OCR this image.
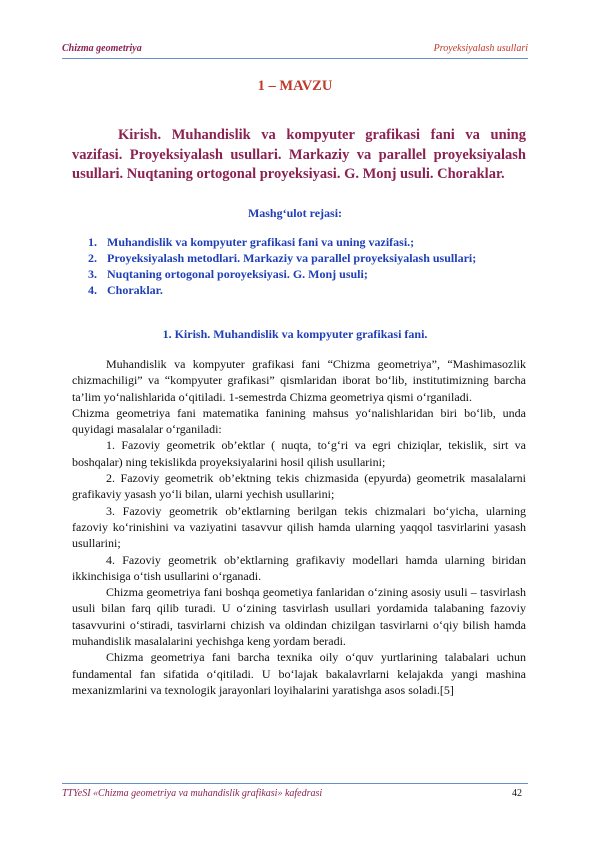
Chizma geometriya	Proyeksiyalash usullari
1 – MAVZU
Kirish. Muhandislik va kompyuter grafikasi fani va uning vazifasi. Proyeksiyalash usullari. Markaziy va parallel proyeksiyalash usullari. Nuqtaning ortogonal proyeksiyasi. G. Monj usuli. Choraklar.
Mashg‘ulot rejasi:
1. Muhandislik va kompyuter grafikasi fani va uning vazifasi.;
2. Proyeksiyalash metodlari. Markaziy va parallel proyeksiyalash usullari;
3. Nuqtaning ortogonal poroyeksiyasi. G. Monj usuli;
4. Choraklar.
1. Kirish. Muhandislik va kompyuter grafikasi fani.

Muhandislik va kompyuter grafikasi fani “Chizma geometriya”, “Mashimasozlik chizmachiligi” va “kompyuter grafikasi” qismlaridan iborat bo‘lib, institutimizning barcha ta’lim yo‘nalishlarida o‘qitiladi. 1-semestrda Chizma geometriya qismi o‘rganiladi.

Chizma geometriya fani matematika fanining mahsus yo‘nalishlaridan biri bo‘lib, unda quyidagi masalalar o‘rganiladi:

1. Fazoviy geometrik ob’ektlar ( nuqta, to‘g‘ri va egri chiziqlar, tekislik, sirt va boshqalar) ning tekislikda proyeksiyalarini hosil qilish usullarini;

2. Fazoviy geometrik ob’ektning tekis chizmasida (epyurda) geometrik masalalarni grafikaviy yasash yo‘li bilan, ularni yechish usullarini;

3. Fazoviy geometrik ob’ektlarning berilgan tekis chizmalari bo‘yicha, ularning fazoviy ko‘rinishini va vaziyatini tasavvur qilish hamda ularning yaqqol tasvirlarini yasash usullarini;

4. Fazoviy geometrik ob’ektlarning grafikaviy modellari hamda ularning biridan ikkinchisiga o‘tish usullarini o‘rganadi.

Chizma geometriya fani boshqa geometiya fanlaridan o‘zining asosiy usuli – tasvirlash usuli bilan farq qilib turadi. U o‘zining tasvirlash usullari yordamida talabaning fazoviy tasavvurini o‘stiradi, tasvirlarni chizish va oldindan chizilgan tasvirlarni o‘qiy bilish hamda muhandislik masalalarini yechishga keng yordam beradi.

Chizma geometriya fani barcha texnika oily o‘quv yurtlarining talabalari uchun fundamental fan sifatida o‘qitiladi. U bo‘lajak bakalavrlarni kelajakda yangi mashina mexanizmlarini va texnologik jarayonlari loyihalarini yaratishga asos soladi.[5]

TTYeSI «Chizma geometriya va muhandislik grafikasi» kafedrasi	42
